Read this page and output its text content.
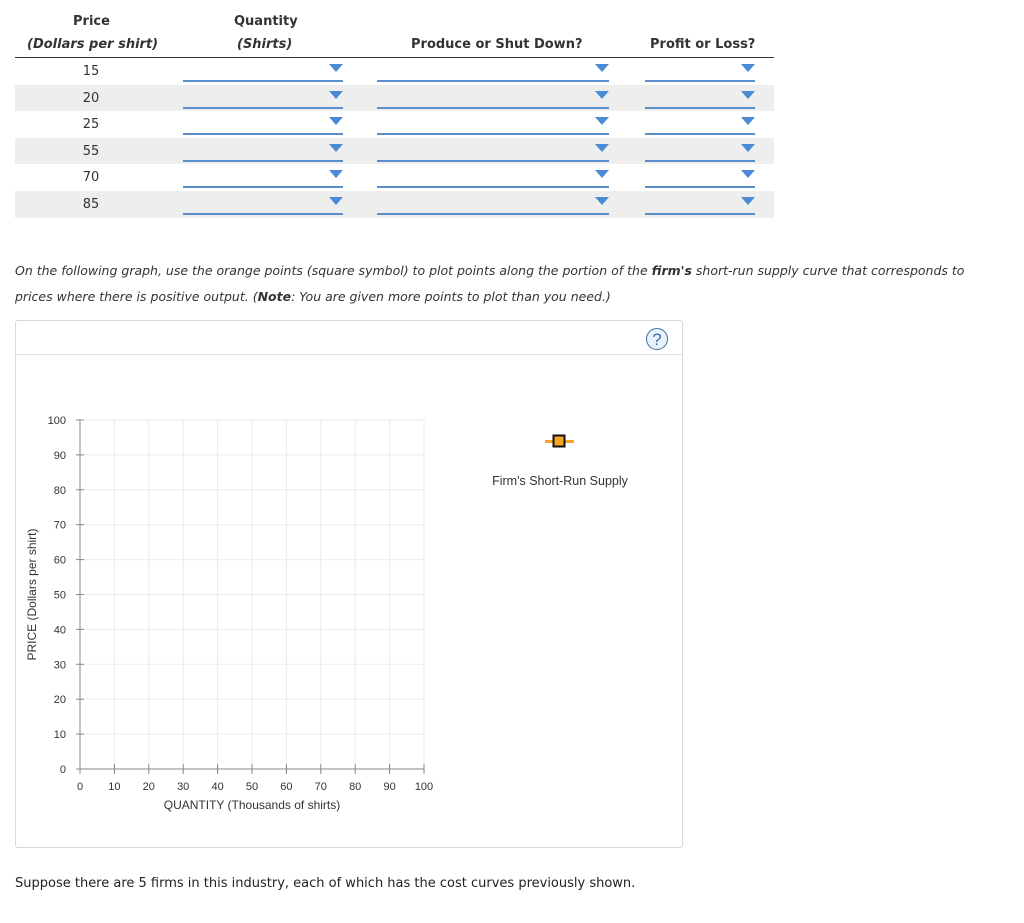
Price
(Dollars per shirt)
Quantity
(Shirts)	Produce or Shut Down?	Profit or Loss?
15
20
25
55
70
85
On the following graph, use the orange points (square symbol) to plot points along the portion of the firm's short-run supply curve that corresponds to prices where there is positive output. (Note: You are given more points to plot than you need.)
?
0 10 20 30 40 50 60 70 80 90 100
0
10
20
30
40
50
60
70
80
90
100
QUANTITY (Thousands of shirts)
PRICE (Dollars per shirt)
Firm's Short-Run Supply
Suppose there are 5 firms in this industry, each of which has the cost curves previously shown.
